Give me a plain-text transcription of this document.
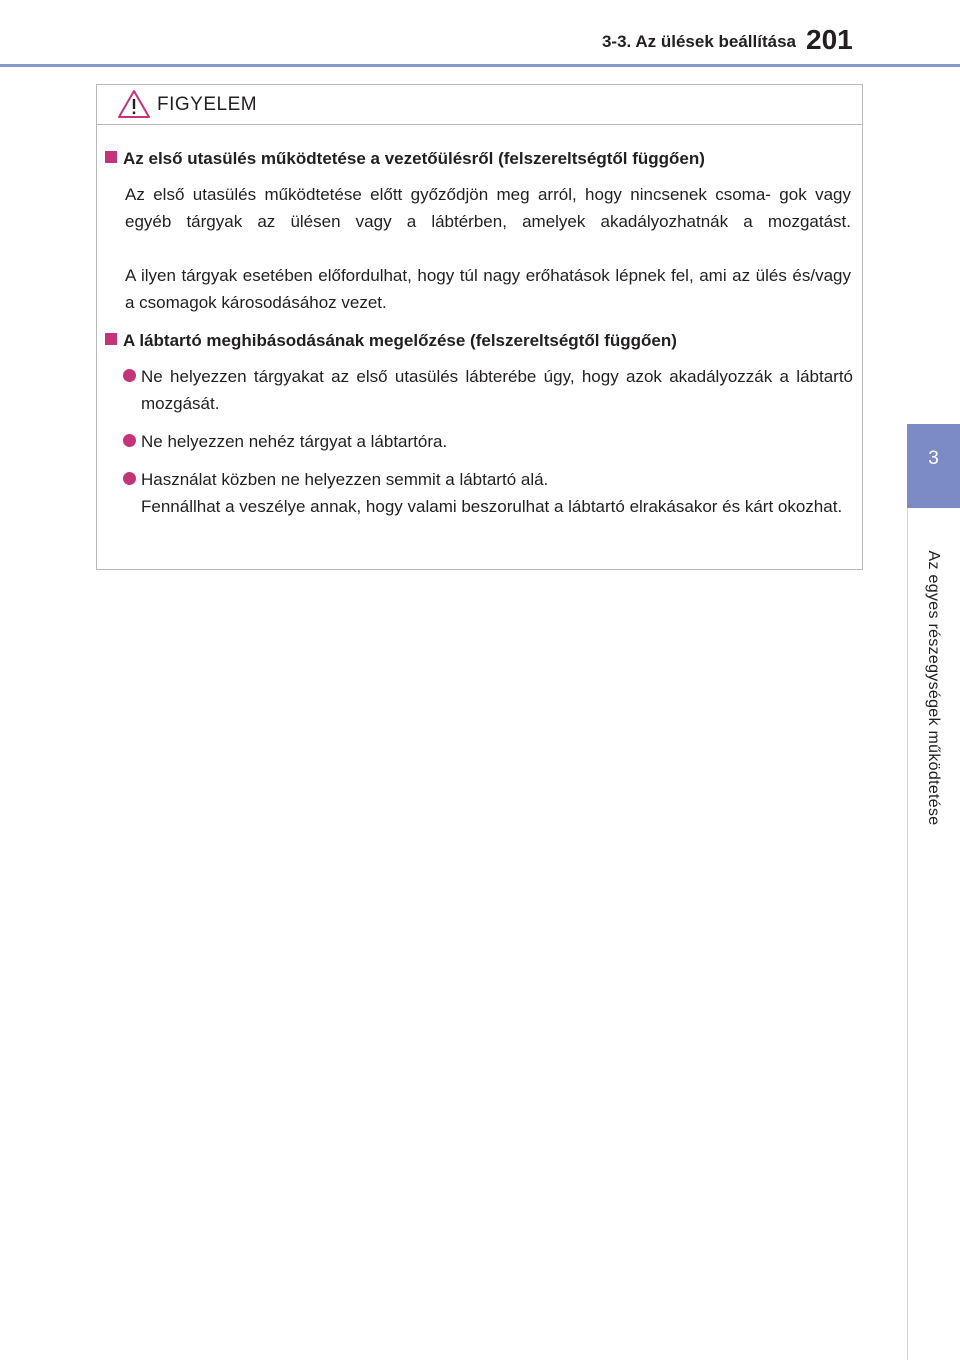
3-3. Az ülések beállítása 201
3
Az egyes részegységek működtetése
FIGYELEM
Az első utasülés működtetése a vezetőülésről (felszereltségtől függően)
Az első utasülés működtetése előtt győződjön meg arról, hogy nincsenek csoma- gok vagy egyéb tárgyak az ülésen vagy a lábtérben, amelyek akadályozhatnák a mozgatást.
A ilyen tárgyak esetében előfordulhat, hogy túl nagy erőhatások lépnek fel, ami az ülés és/vagy a csomagok károsodásához vezet.
A lábtartó meghibásodásának megelőzése (felszereltségtől függően)
Ne helyezzen tárgyakat az első utasülés lábterébe úgy, hogy azok akadályozzák a lábtartó mozgását.
Ne helyezzen nehéz tárgyat a lábtartóra.
Használat közben ne helyezzen semmit a lábtartó alá.
Fennállhat a veszélye annak, hogy valami beszorulhat a lábtartó elrakásakor és kárt okozhat.
